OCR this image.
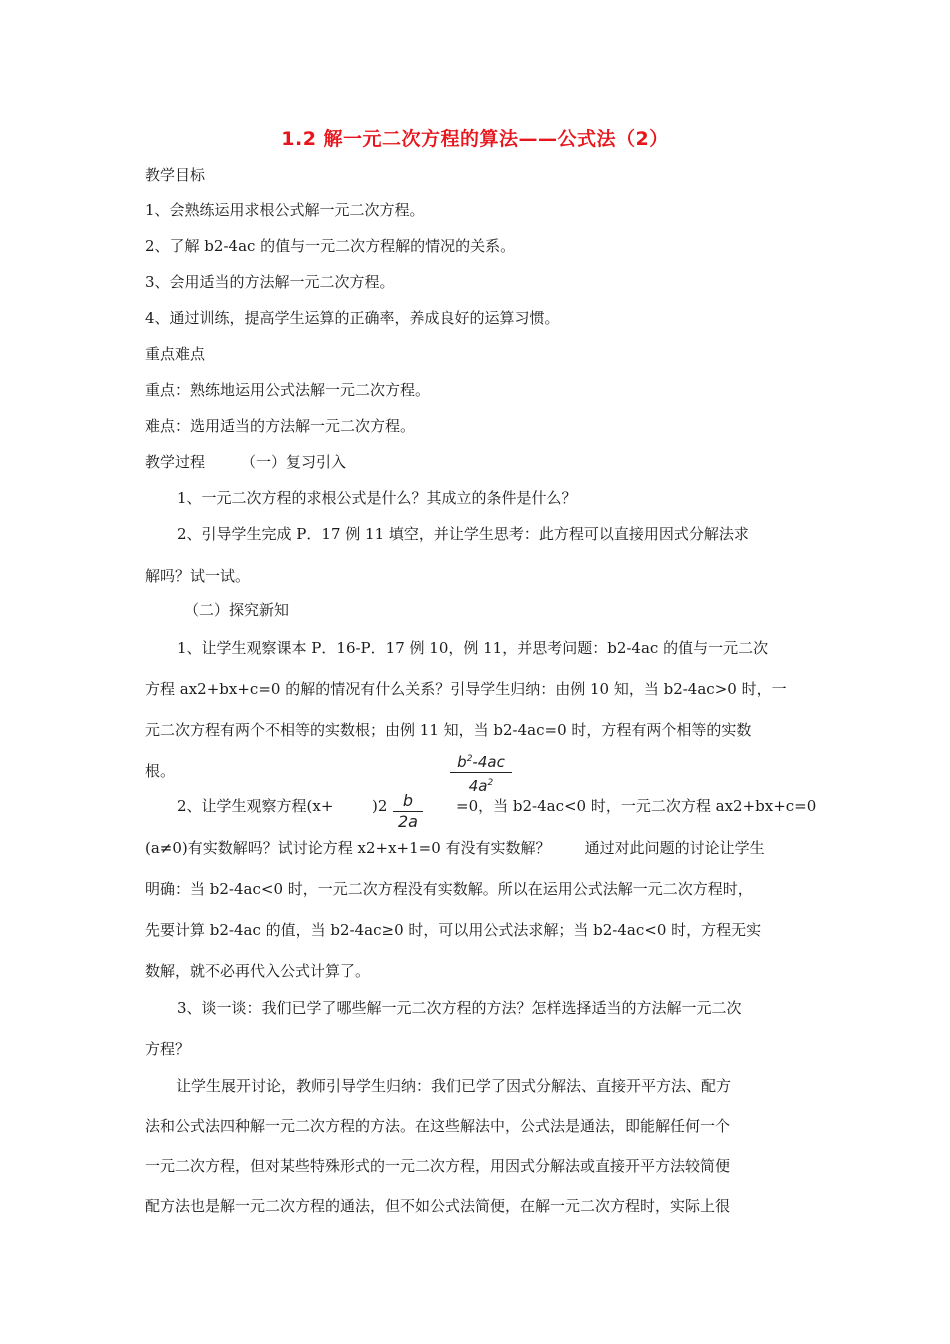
1.2 解一元二次方程的算法——公式法（2）
教学目标
1、会熟练运用求根公式解一元二次方程。
2、了解 b2-4ac 的值与一元二次方程解的情况的关系。
3、会用适当的方法解一元二次方程。
4、通过训练，提高学生运算的正确率，养成良好的运算习惯。
重点难点
重点：熟练地运用公式法解一元二次方程。
难点：选用适当的方法解一元二次方程。
教学过程 （一）复习引入
1、一元二次方程的求根公式是什么？其成立的条件是什么？
2、引导学生完成 P．17 例 11 填空，并让学生思考：此方程可以直接用因式分解法求
解吗？试一试。
（二）探究新知
1、让学生观察课本 P．16-P．17 例 10，例 11，并思考问题：b2-4ac 的值与一元二次
方程 ax2+bx+c=0 的解的情况有什么关系？引导学生归纳：由例 10 知，当 b2-4ac>0 时，一
元二次方程有两个不相等的实数根；由例 11 知，当 b2-4ac=0 时，方程有两个相等的实数
根。	$b^2-4ac$
$4a^2$
2、让学生观察方程(x+	)2 b
2a
=0，当 b2-4ac<0 时，一元二次方程 ax2+bx+c=0
(a≠0)有实数解吗？试讨论方程 x2+x+1=0 有没有实数解？ 通过对此问题的讨论让学生
明确：当 b2-4ac<0 时，一元二次方程没有实数解。所以在运用公式法解一元二次方程时，
先要计算 b2-4ac 的值，当 b2-4ac≥0 时，可以用公式法求解；当 b2-4ac<0 时，方程无实
数解，就不必再代入公式计算了。
3、谈一谈：我们已学了哪些解一元二次方程的方法？怎样选择适当的方法解一元二次
方程？
让学生展开讨论，教师引导学生归纳：我们已学了因式分解法、直接开平方法、配方
法和公式法四种解一元二次方程的方法。在这些解法中，公式法是通法，即能解任何一个
一元二次方程，但对某些特殊形式的一元二次方程，用因式分解法或直接开平方法较简便
配方法也是解一元二次方程的通法，但不如公式法简便，在解一元二次方程时，实际上很
